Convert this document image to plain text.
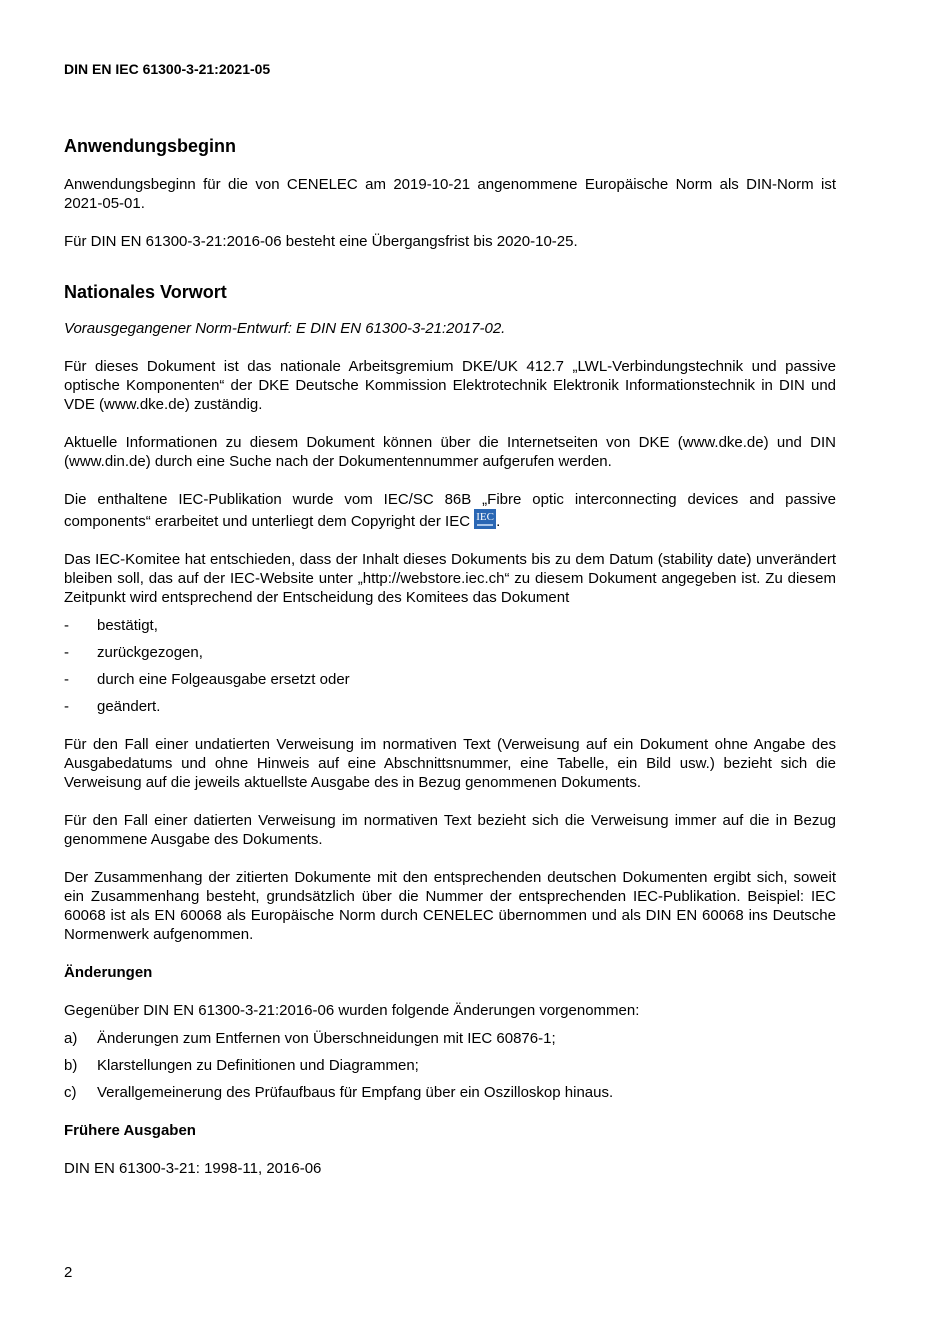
DIN EN IEC 61300-3-21:2021-05
Anwendungsbeginn

Anwendungsbeginn für die von CENELEC am 2019-10-21 angenommene Europäische Norm als DIN-Norm ist 2021-05-01.

Für DIN EN 61300-3-21:2016-06 besteht eine Übergangsfrist bis 2020-10-25.

Nationales Vorwort

Vorausgegangener Norm-Entwurf: E DIN EN 61300-3-21:2017-02.

Für dieses Dokument ist das nationale Arbeitsgremium DKE/UK 412.7 „LWL-Verbindungstechnik und passive optische Komponenten“ der DKE Deutsche Kommission Elektrotechnik Elektronik Informationstechnik in DIN und VDE (www.dke.de) zuständig.

Aktuelle Informationen zu diesem Dokument können über die Internetseiten von DKE (www.dke.de) und DIN (www.din.de) durch eine Suche nach der Dokumentennummer aufgerufen werden.

Die enthaltene IEC-Publikation wurde vom IEC/SC 86B „Fibre optic interconnecting devices and passive components“ erarbeitet und unterliegt dem Copyright der IEC IEC .

Das IEC-Komitee hat entschieden, dass der Inhalt dieses Dokuments bis zu dem Datum (stability date) unverändert bleiben soll, das auf der IEC-Website unter „http://webstore.iec.ch“ zu diesem Dokument angegeben ist. Zu diesem Zeitpunkt wird entsprechend der Entscheidung des Komitees das Dokument

- bestätigt,
- zurückgezogen,
- durch eine Folgeausgabe ersetzt oder
- geändert.

Für den Fall einer undatierten Verweisung im normativen Text (Verweisung auf ein Dokument ohne Angabe des Ausgabedatums und ohne Hinweis auf eine Abschnittsnummer, eine Tabelle, ein Bild usw.) bezieht sich die Verweisung auf die jeweils aktuellste Ausgabe des in Bezug genommenen Dokuments.

Für den Fall einer datierten Verweisung im normativen Text bezieht sich die Verweisung immer auf die in Bezug genommene Ausgabe des Dokuments.

Der Zusammenhang der zitierten Dokumente mit den entsprechenden deutschen Dokumenten ergibt sich, soweit ein Zusammenhang besteht, grundsätzlich über die Nummer der entsprechenden IEC-Publikation. Beispiel: IEC 60068 ist als EN 60068 als Europäische Norm durch CENELEC übernommen und als DIN EN 60068 ins Deutsche Normenwerk aufgenommen.

Änderungen

Gegenüber DIN EN 61300-3-21:2016-06 wurden folgende Änderungen vorgenommen:

a) Änderungen zum Entfernen von Überschneidungen mit IEC 60876-1;
b) Klarstellungen zu Definitionen und Diagrammen;
c) Verallgemeinerung des Prüfaufbaus für Empfang über ein Oszilloskop hinaus.
Frühere Ausgaben

DIN EN 61300-3-21: 1998-11, 2016-06

2
